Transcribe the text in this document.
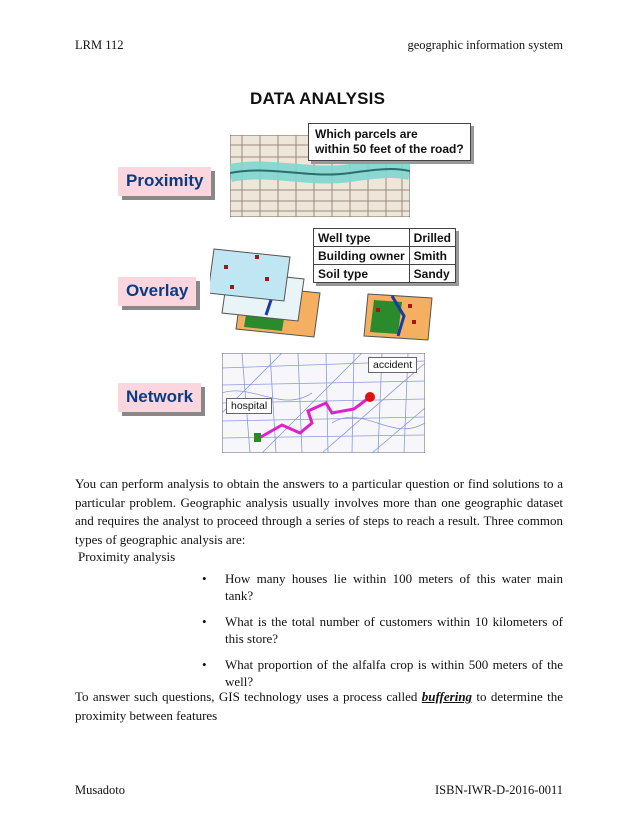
LRM 112	geographic information system
DATA ANALYSIS
Which parcels are
within 50 feet of the road?
Proximity
Well type	Drilled
Building owner	Smith
Soil type	Sandy
Overlay
hospital
accident
Network
You can perform analysis to obtain the answers to a particular question or find solutions to a particular problem. Geographic analysis usually involves more than one geographic dataset and requires the analyst to proceed through a series of steps to reach a result. Three common types of geographic analysis are:
Proximity analysis
• How many houses lie within 100 meters of this water main tank?
• What is the total number of customers within 10 kilometers of this store?
• What proportion of the alfalfa crop is within 500 meters of the well?
To answer such questions, GIS technology uses a process called buffering to determine the proximity between features
Musadoto	ISBN-IWR-D-2016-0011
